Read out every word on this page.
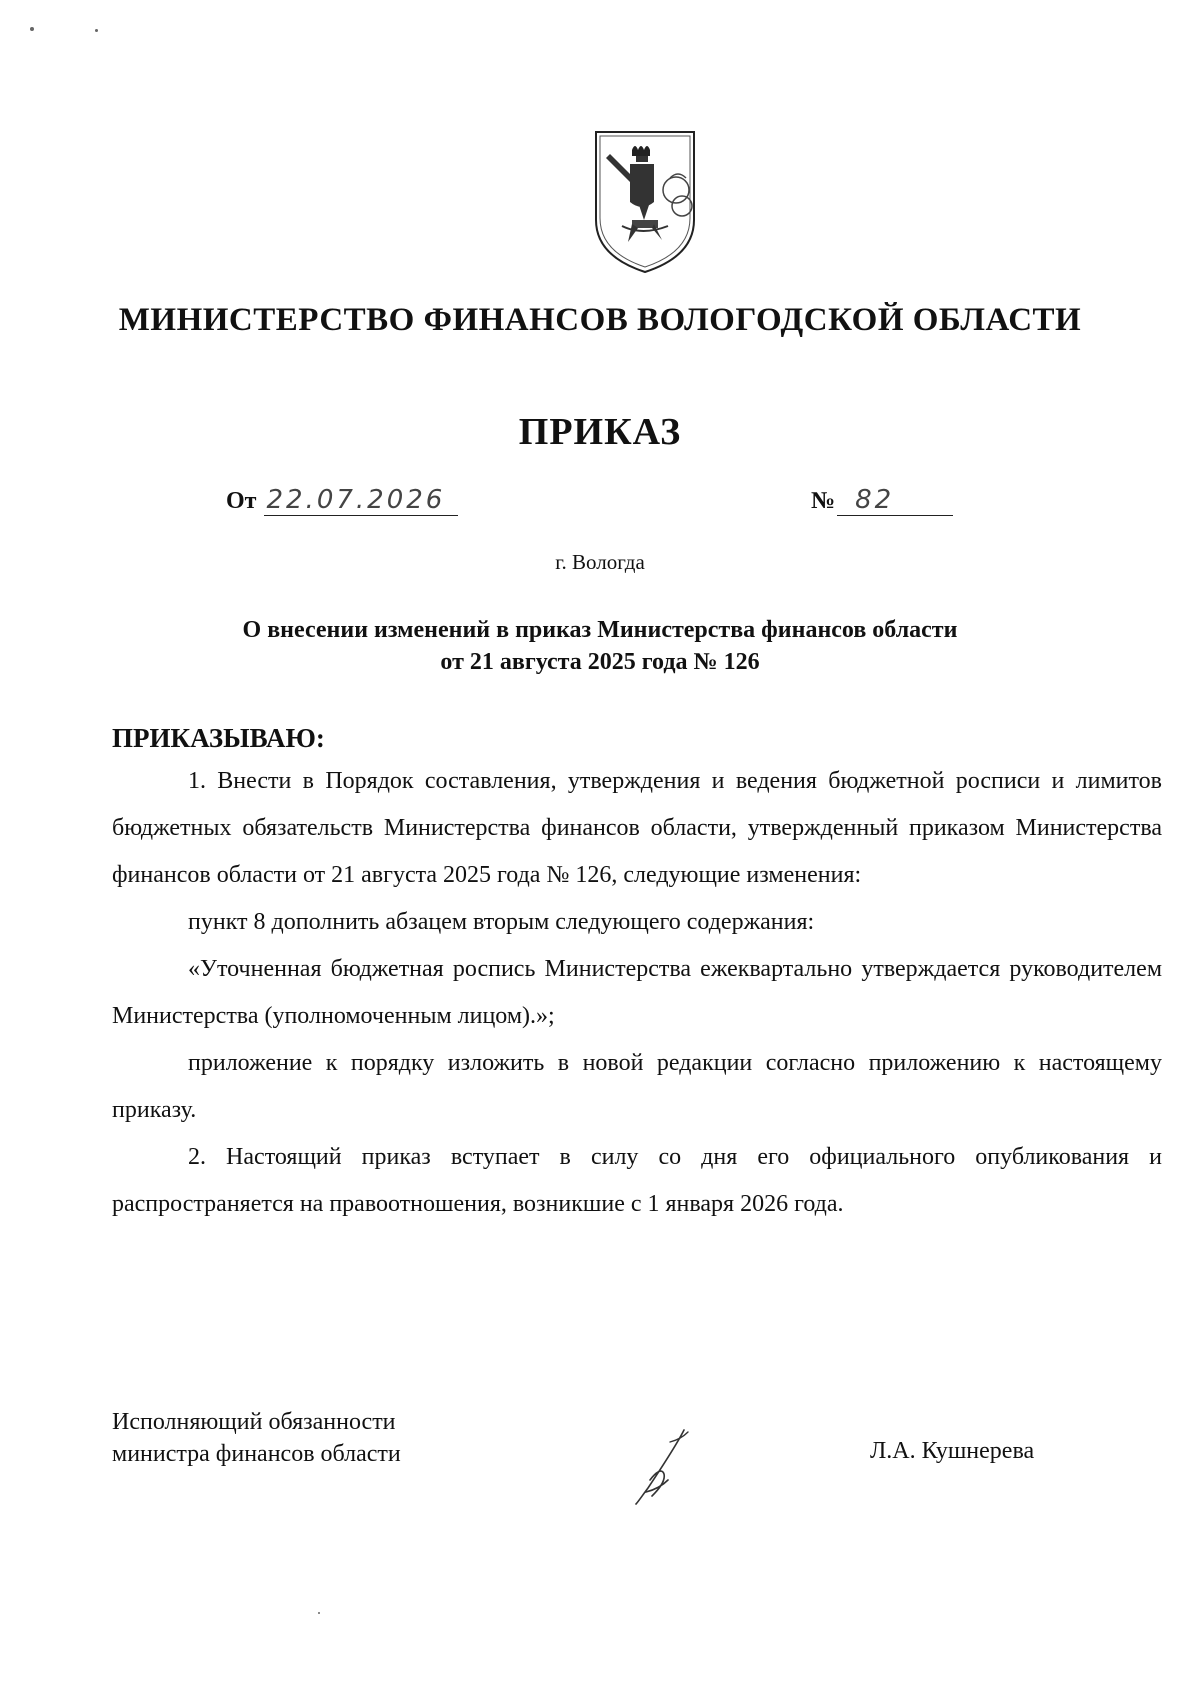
МИНИСТЕРСТВО ФИНАНСОВ ВОЛОГОДСКОЙ ОБЛАСТИ
ПРИКАЗ
От 22.07.2026	№ 82
г. Вологда
О внесении изменений в приказ Министерства финансов области
от 21 августа 2025 года № 126

ПРИКАЗЫВАЮ:

1. Внести в Порядок составления, утверждения и ведения бюджетной росписи и лимитов бюджетных обязательств Министерства финансов области, утвержденный приказом Министерства финансов области от 21 августа 2025 года № 126, следующие изменения:

пункт 8 дополнить абзацем вторым следующего содержания:

«Уточненная бюджетная роспись Министерства ежеквартально утверждается руководителем Министерства (уполномоченным лицом).»;

приложение к порядку изложить в новой редакции согласно приложению к настоящему приказу.

2. Настоящий приказ вступает в силу со дня его официального опубликования и распространяется на правоотношения, возникшие с 1 января 2026 года.

Исполняющий обязанности
министра финансов области	Л.А. Кушнерева
